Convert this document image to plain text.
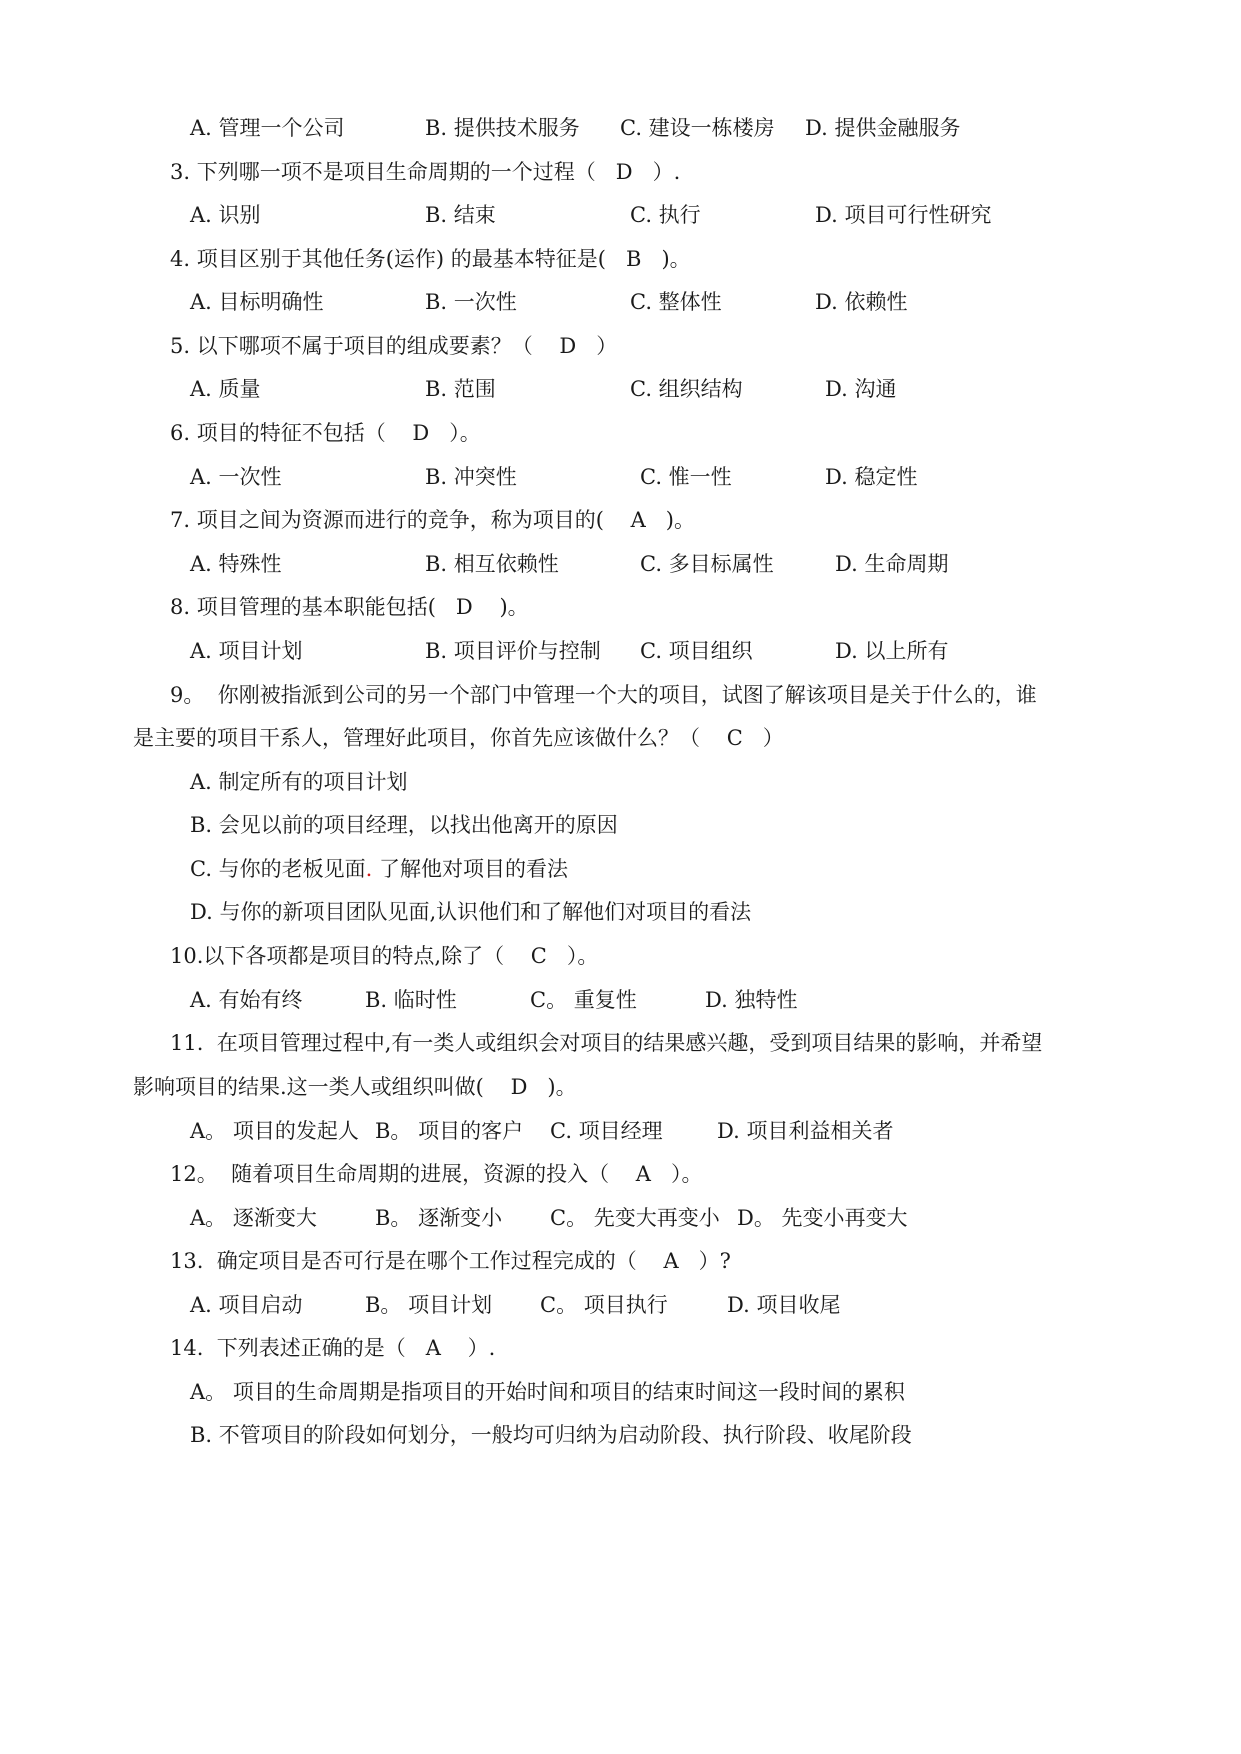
A. 管理一个公司	B. 提供技术服务 C. 建设一栋楼房 D. 提供金融服务
3. 下列哪一项不是项目生命周期的一个过程（   D   ）.
A. 识别	B. 结束	C. 执行	D. 项目可行性研究
4. 项目区别于其他任务(运作) 的最基本特征是(   B   )。
A. 目标明确性	B. 一次性	C. 整体性	D. 依赖性
5. 以下哪项不属于项目的组成要素？（    D   ）
A. 质量	B. 范围	C. 组织结构	D. 沟通
6. 项目的特征不包括（    D   ）。
A. 一次性	B. 冲突性	C. 惟一性	D. 稳定性
7. 项目之间为资源而进行的竞争，称为项目的(    A   )。
A. 特殊性	B. 相互依赖性	C. 多目标属性	D. 生命周期
8. 项目管理的基本职能包括(   D    )。
A. 项目计划	B. 项目评价与控制 C. 项目组织	D. 以上所有
9。  你刚被指派到公司的另一个部门中管理一个大的项目，试图了解该项目是关于什么的，谁
是主要的项目干系人，管理好此项目，你首先应该做什么？（    C   ）
A. 制定所有的项目计划
B. 会见以前的项目经理，以找出他离开的原因
C. 与你的老板见面. 了解他对项目的看法
D. 与你的新项目团队见面,认识他们和了解他们对项目的看法
10.以下各项都是项目的特点,除了（    C   ）。
A. 有始有终	B. 临时性	C。 重复性	D. 独特性
11.  在项目管理过程中,有一类人或组织会对项目的结果感兴趣，受到项目结果的影响，并希望
影响项目的结果.这一类人或组织叫做(    D   )。
A。 项目的发起人 B。 项目的客户 C. 项目经理	D. 项目利益相关者
12。  随着项目生命周期的进展，资源的投入（    A   ）。
A。 逐渐变大	B。 逐渐变小 C。 先变大再变小 D。 先变小再变大
13.  确定项目是否可行是在哪个工作过程完成的（    A   ）?
A. 项目启动	B。 项目计划 C。 项目执行	D. 项目收尾
14.  下列表述正确的是（   A    ）.
A。 项目的生命周期是指项目的开始时间和项目的结束时间这一段时间的累积
B. 不管项目的阶段如何划分，一般均可归纳为启动阶段、执行阶段、收尾阶段
